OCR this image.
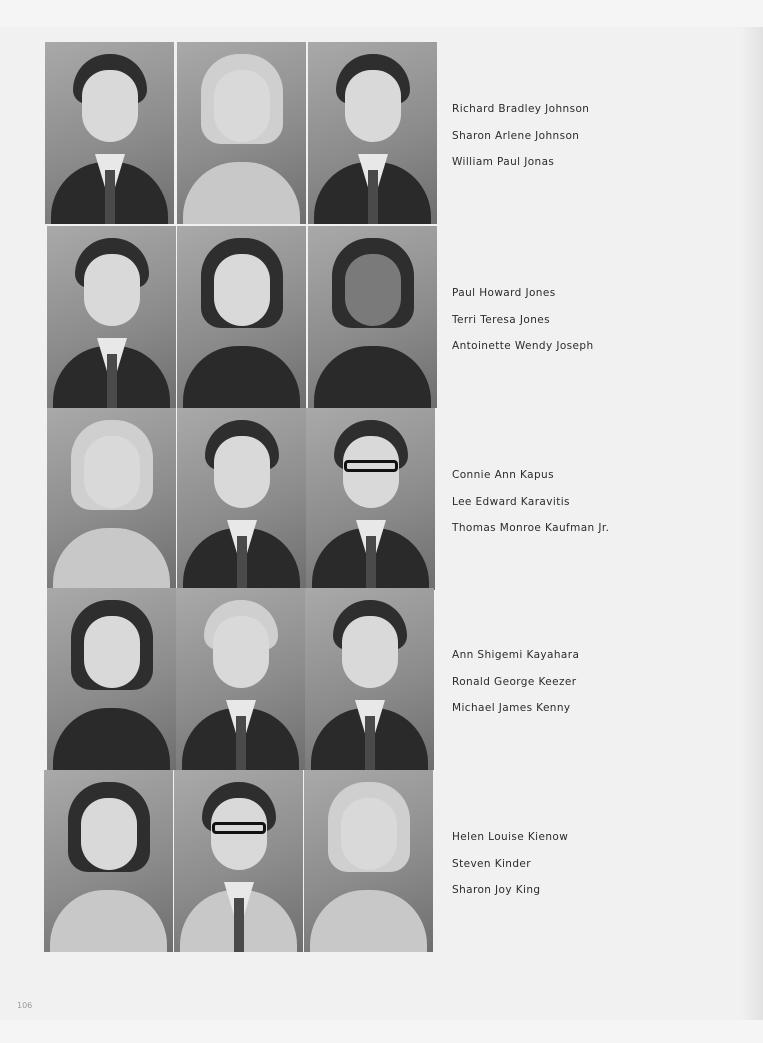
Richard Bradley Johnson
Sharon Arlene Johnson
William Paul Jonas
Paul Howard Jones
Terri Teresa Jones
Antoinette Wendy Joseph
Connie Ann Kapus
Lee Edward Karavitis
Thomas Monroe Kaufman Jr.
Ann Shigemi Kayahara
Ronald George Keezer
Michael James Kenny
Helen Louise Kienow
Steven Kinder
Sharon Joy King
106
